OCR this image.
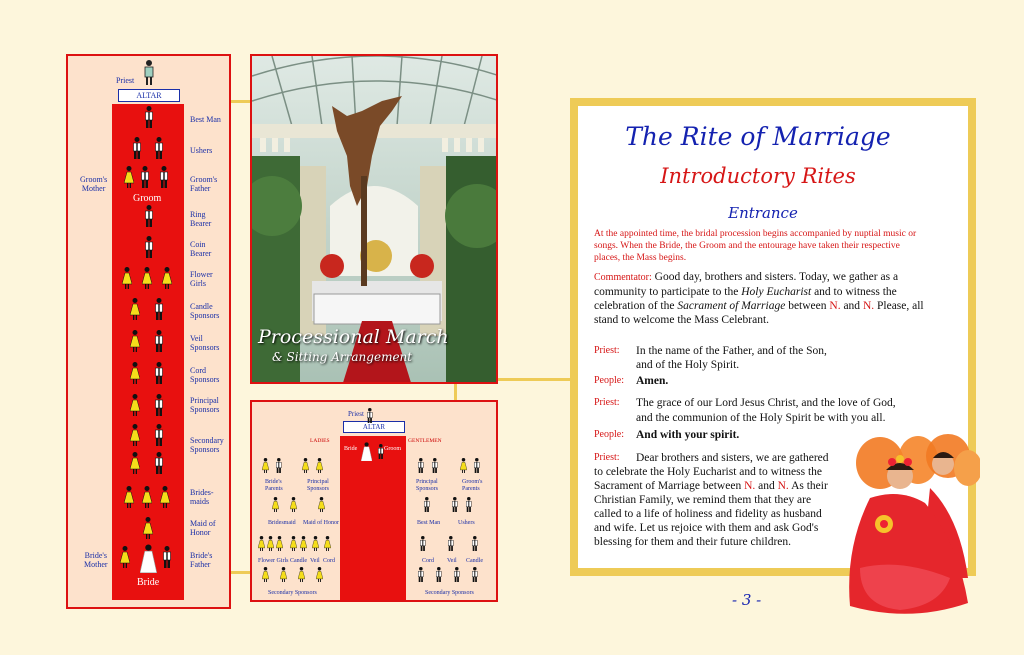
Priest
ALTAR
Best Man
Ushers
Groom's
Mother
Groom's
Father
Groom
Ring
Bearer
Coin
Bearer
Flower
Girls
Candle
Sponsors
Veil
Sponsors
Cord
Sponsors
Principal
Sponsors
Secondary
Sponsors
Brides-
maids
Maid of
Honor
Bride's
Mother
Bride's
Father
Bride
Processional March
& Sitting Arrangement
Priest
ALTAR
LADIES	GENTLEMEN
Bride	Groom
Bride's
Parents
Principal
Sponsors
Principal
Sponsors
Groom's
Parents
Bridesmaid Maid of Honor	Best Man	Ushers
Flower Girls Candle Veil Cord	Cord Veil Candle
Secondary Sponsors	Secondary Sponsors
The Rite of Marriage
Introductory Rites
Entrance
At the appointed time, the bridal procession begins accompanied by nuptial music or songs. When the Bride, the Groom and the entourage have taken their respective places, the Mass begins.
Commentator: Good day, brothers and sisters. Today, we gather as a community to participate to the Holy Eucharist and to witness the celebration of the Sacrament of Marriage between N. and N. Please, all stand to welcome the Mass Celebrant.
Priest: In the name of the Father, and of the Son,
and of the Holy Spirit.
People: Amen.
Priest: The grace of our Lord Jesus Christ, and the love of God,
and the communion of the Holy Spirit be with you all.
People: And with your spirit.
Priest: Dear brothers and sisters, we are gathered
to celebrate the Holy Eucharist and to witness the
Sacrament of Marriage between N. and N. As their
Christian Family, we remind them that they are
called to a life of holiness and fidelity as husband
and wife. Let us rejoice with them and ask God's
blessing for them and their future children.
- 3 -
